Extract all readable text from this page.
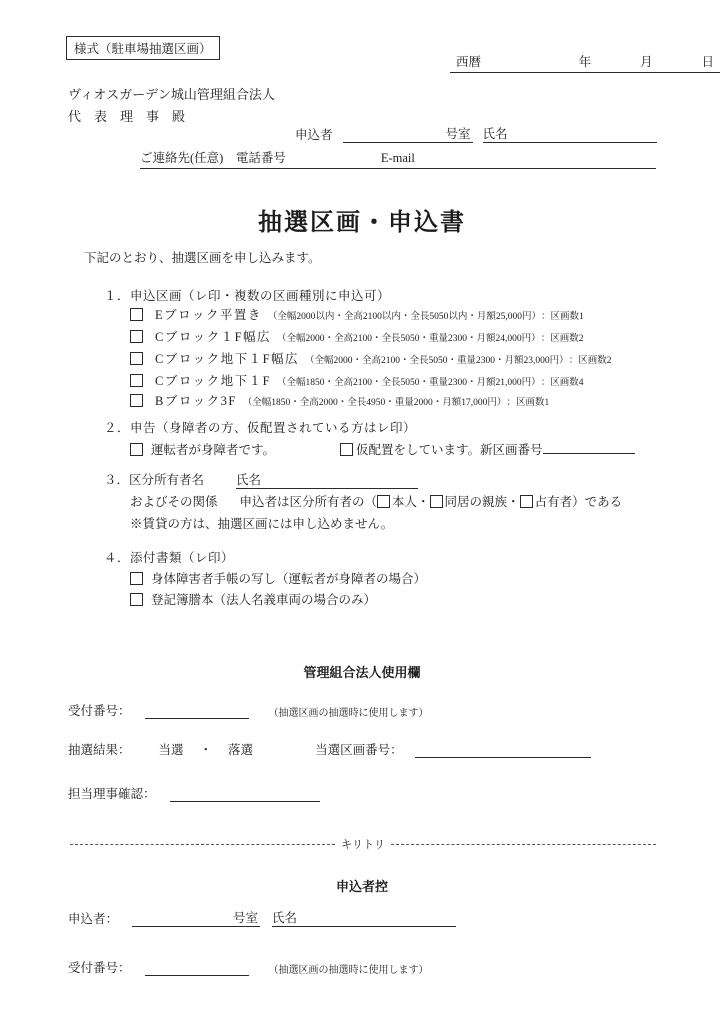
様式（駐車場抽選区画）
西暦	年	月	日
ヴィオスガーデン城山管理組合法人
代　表　理　事　殿
申込者	号室 氏名
ご連絡先(任意)　電話番号	E-mail
抽選区画・申込書
下記のとおり、抽選区画を申し込みます。
１．申込区画（レ印・複数の区画種別に申込可）
Eブロック平置き （全幅2000以内・全高2100以内・全長5050以内・月額25,000円） ：区画数1
Cブロック１F幅広 （全幅2000・全高2100・全長5050・重量2300・月額24,000円） ：区画数2
Cブロック地下１F幅広 （全幅2000・全高2100・全長5050・重量2300・月額23,000円） ：区画数2
Cブロック地下１F （全幅1850・全高2100・全長5050・重量2300・月額21,000円） ：区画数4
Bブロック3F （全幅1850・全高2000・全長4950・重量2000・月額17,000円） ：区画数1
２．申告（身障者の方、仮配置されている方はレ印）
運転者が身障者です。	仮配置をしています。新区画番号
３．区分所有者名	氏名
およびその関係 申込者は区分所有者の（ 本人・ 同居の親族・ 占有者 ）である
※賃貸の方は、抽選区画には申し込めません。
４．添付書類（レ印）
身体障害者手帳の写し（運転者が身障者の場合）
登記簿謄本（法人名義車両の場合のみ）
管理組合法人使用欄
受付番号：	（抽選区画の抽選時に使用します）
抽選結果： 当選 ・ 落選	当選区画番号：
担当理事確認：
キリトリ
申込者控
申込者：	号室 氏名
受付番号：	（抽選区画の抽選時に使用します）
